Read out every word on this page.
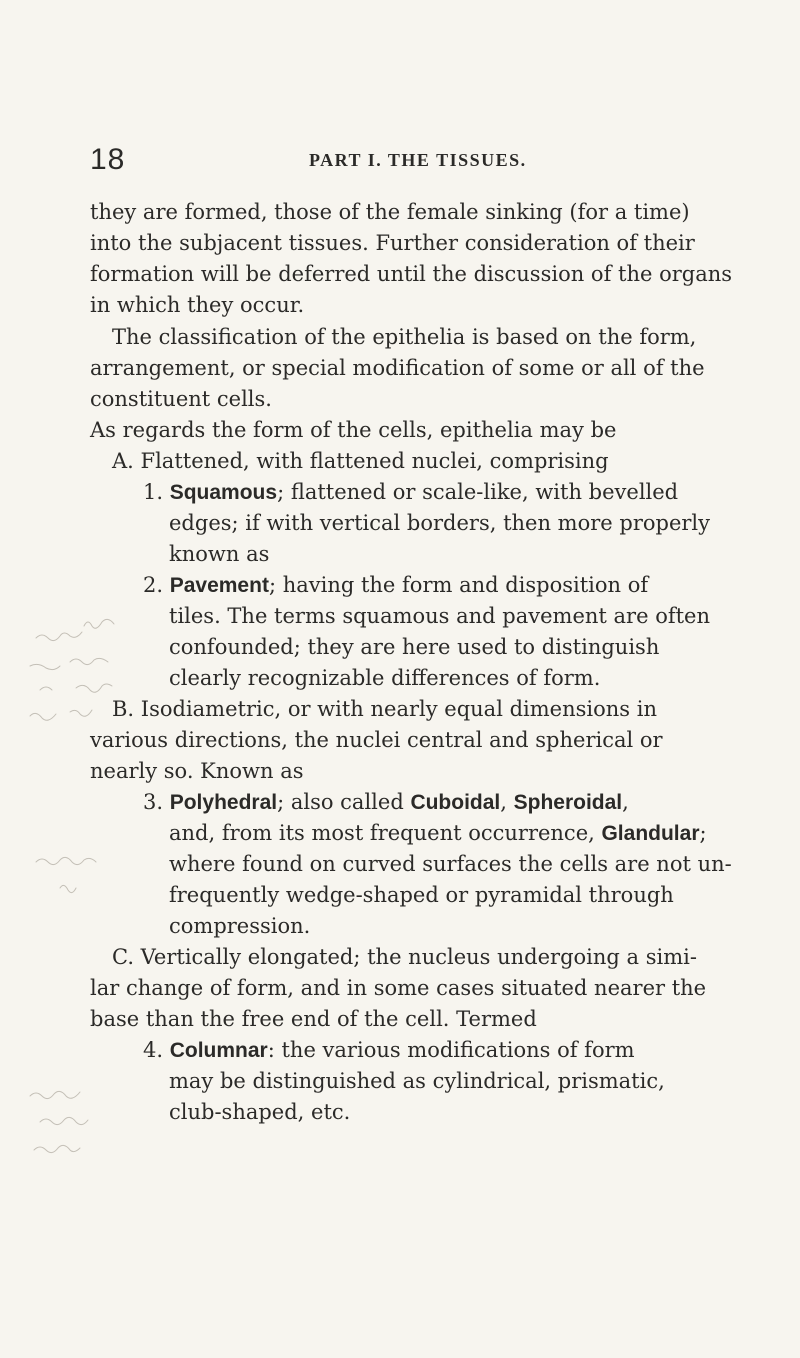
18	PART I. THE TISSUES.
they are formed, those of the female sinking (for a time)
into the subjacent tissues. Further consideration of their
formation will be deferred until the discussion of the organs
in which they occur.
The classification of the epithelia is based on the form,
arrangement, or special modification of some or all of the
constituent cells.
As regards the form of the cells, epithelia may be
A. Flattened, with flattened nuclei, comprising
1. Squamous; flattened or scale-like, with bevelled
edges; if with vertical borders, then more properly
known as
2. Pavement; having the form and disposition of
tiles. The terms squamous and pavement are often
confounded; they are here used to distinguish
clearly recognizable differences of form.
B. Isodiametric, or with nearly equal dimensions in
various directions, the nuclei central and spherical or
nearly so. Known as
3. Polyhedral; also called Cuboidal, Spheroidal,
and, from its most frequent occurrence, Glandular;
where found on curved surfaces the cells are not un-
frequently wedge-shaped or pyramidal through
compression.
C. Vertically elongated; the nucleus undergoing a simi-
lar change of form, and in some cases situated nearer the
base than the free end of the cell. Termed
4. Columnar: the various modifications of form
may be distinguished as cylindrical, prismatic,
club-shaped, etc.
